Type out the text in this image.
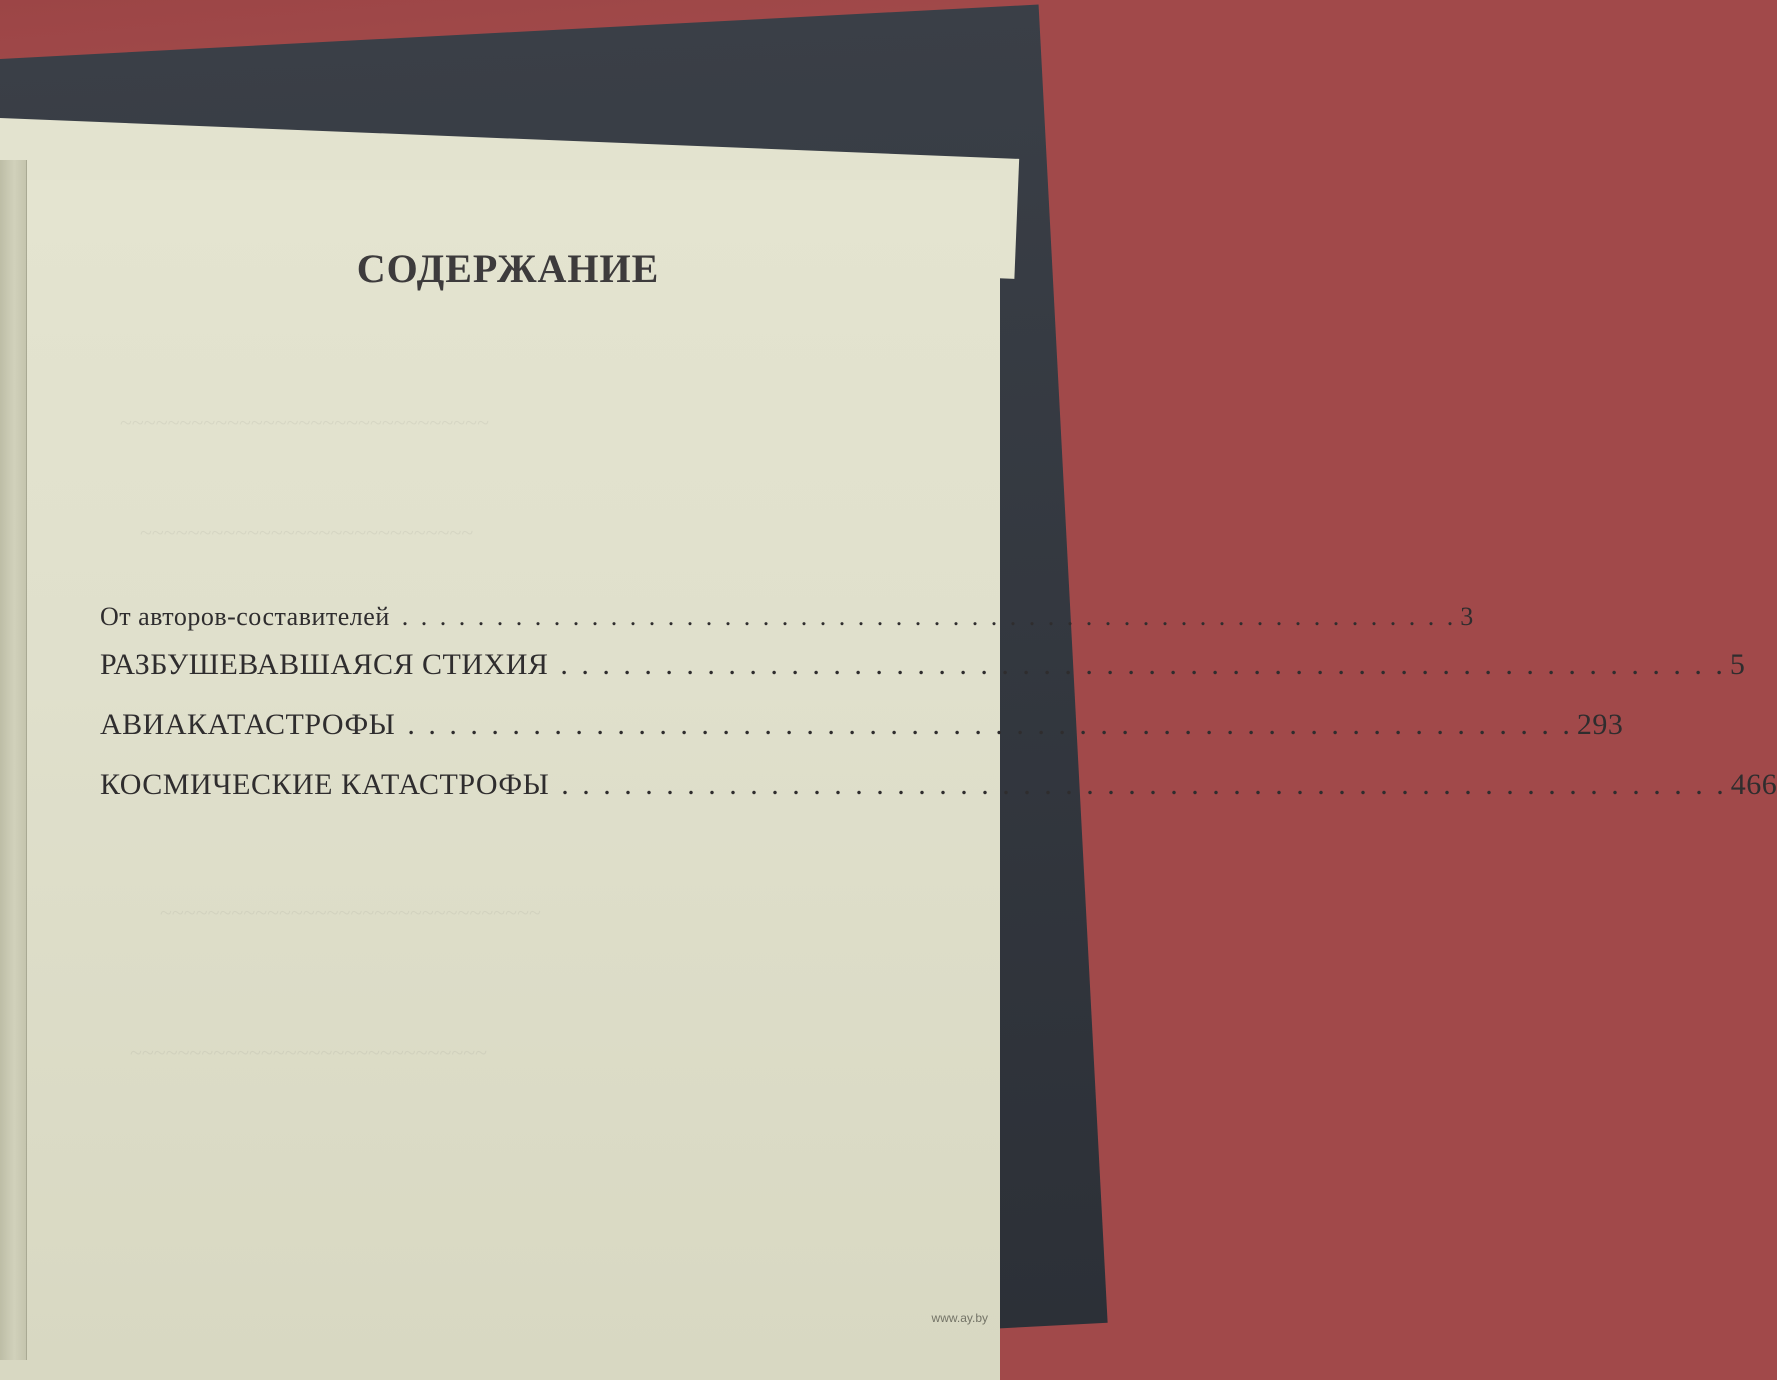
~~~~~~~~~~~~~~~~~~~~~~~~~~~~~~~
~~~~~~~~~~~~~~~~~~~~~~~~~~~~
~~~~~~~~~~~~~~~~~~~~~~~~~~~~~~~~
~~~~~~~~~~~~~~~~~~~~~~~~~~~~~~
СОДЕРЖАНИЕ
От авторов-составителей . . . . . . . . . . . . . . . . . . . . . . . . . . . . . . . . . . . . . . . . . . . . . . . . . . . . . . . . 3
РАЗБУШЕВАВШАЯСЯ СТИХИЯ . . . . . . . . . . . . . . . . . . . . . . . . . . . . . . . . . . . . . . . . . . . . . . . . . . . . . . . . 5
АВИАКАТАСТРОФЫ . . . . . . . . . . . . . . . . . . . . . . . . . . . . . . . . . . . . . . . . . . . . . . . . . . . . . . . . 293
КОСМИЧЕСКИЕ КАТАСТРОФЫ . . . . . . . . . . . . . . . . . . . . . . . . . . . . . . . . . . . . . . . . . . . . . . . . . . . . . . . . 466
www.ay.by
